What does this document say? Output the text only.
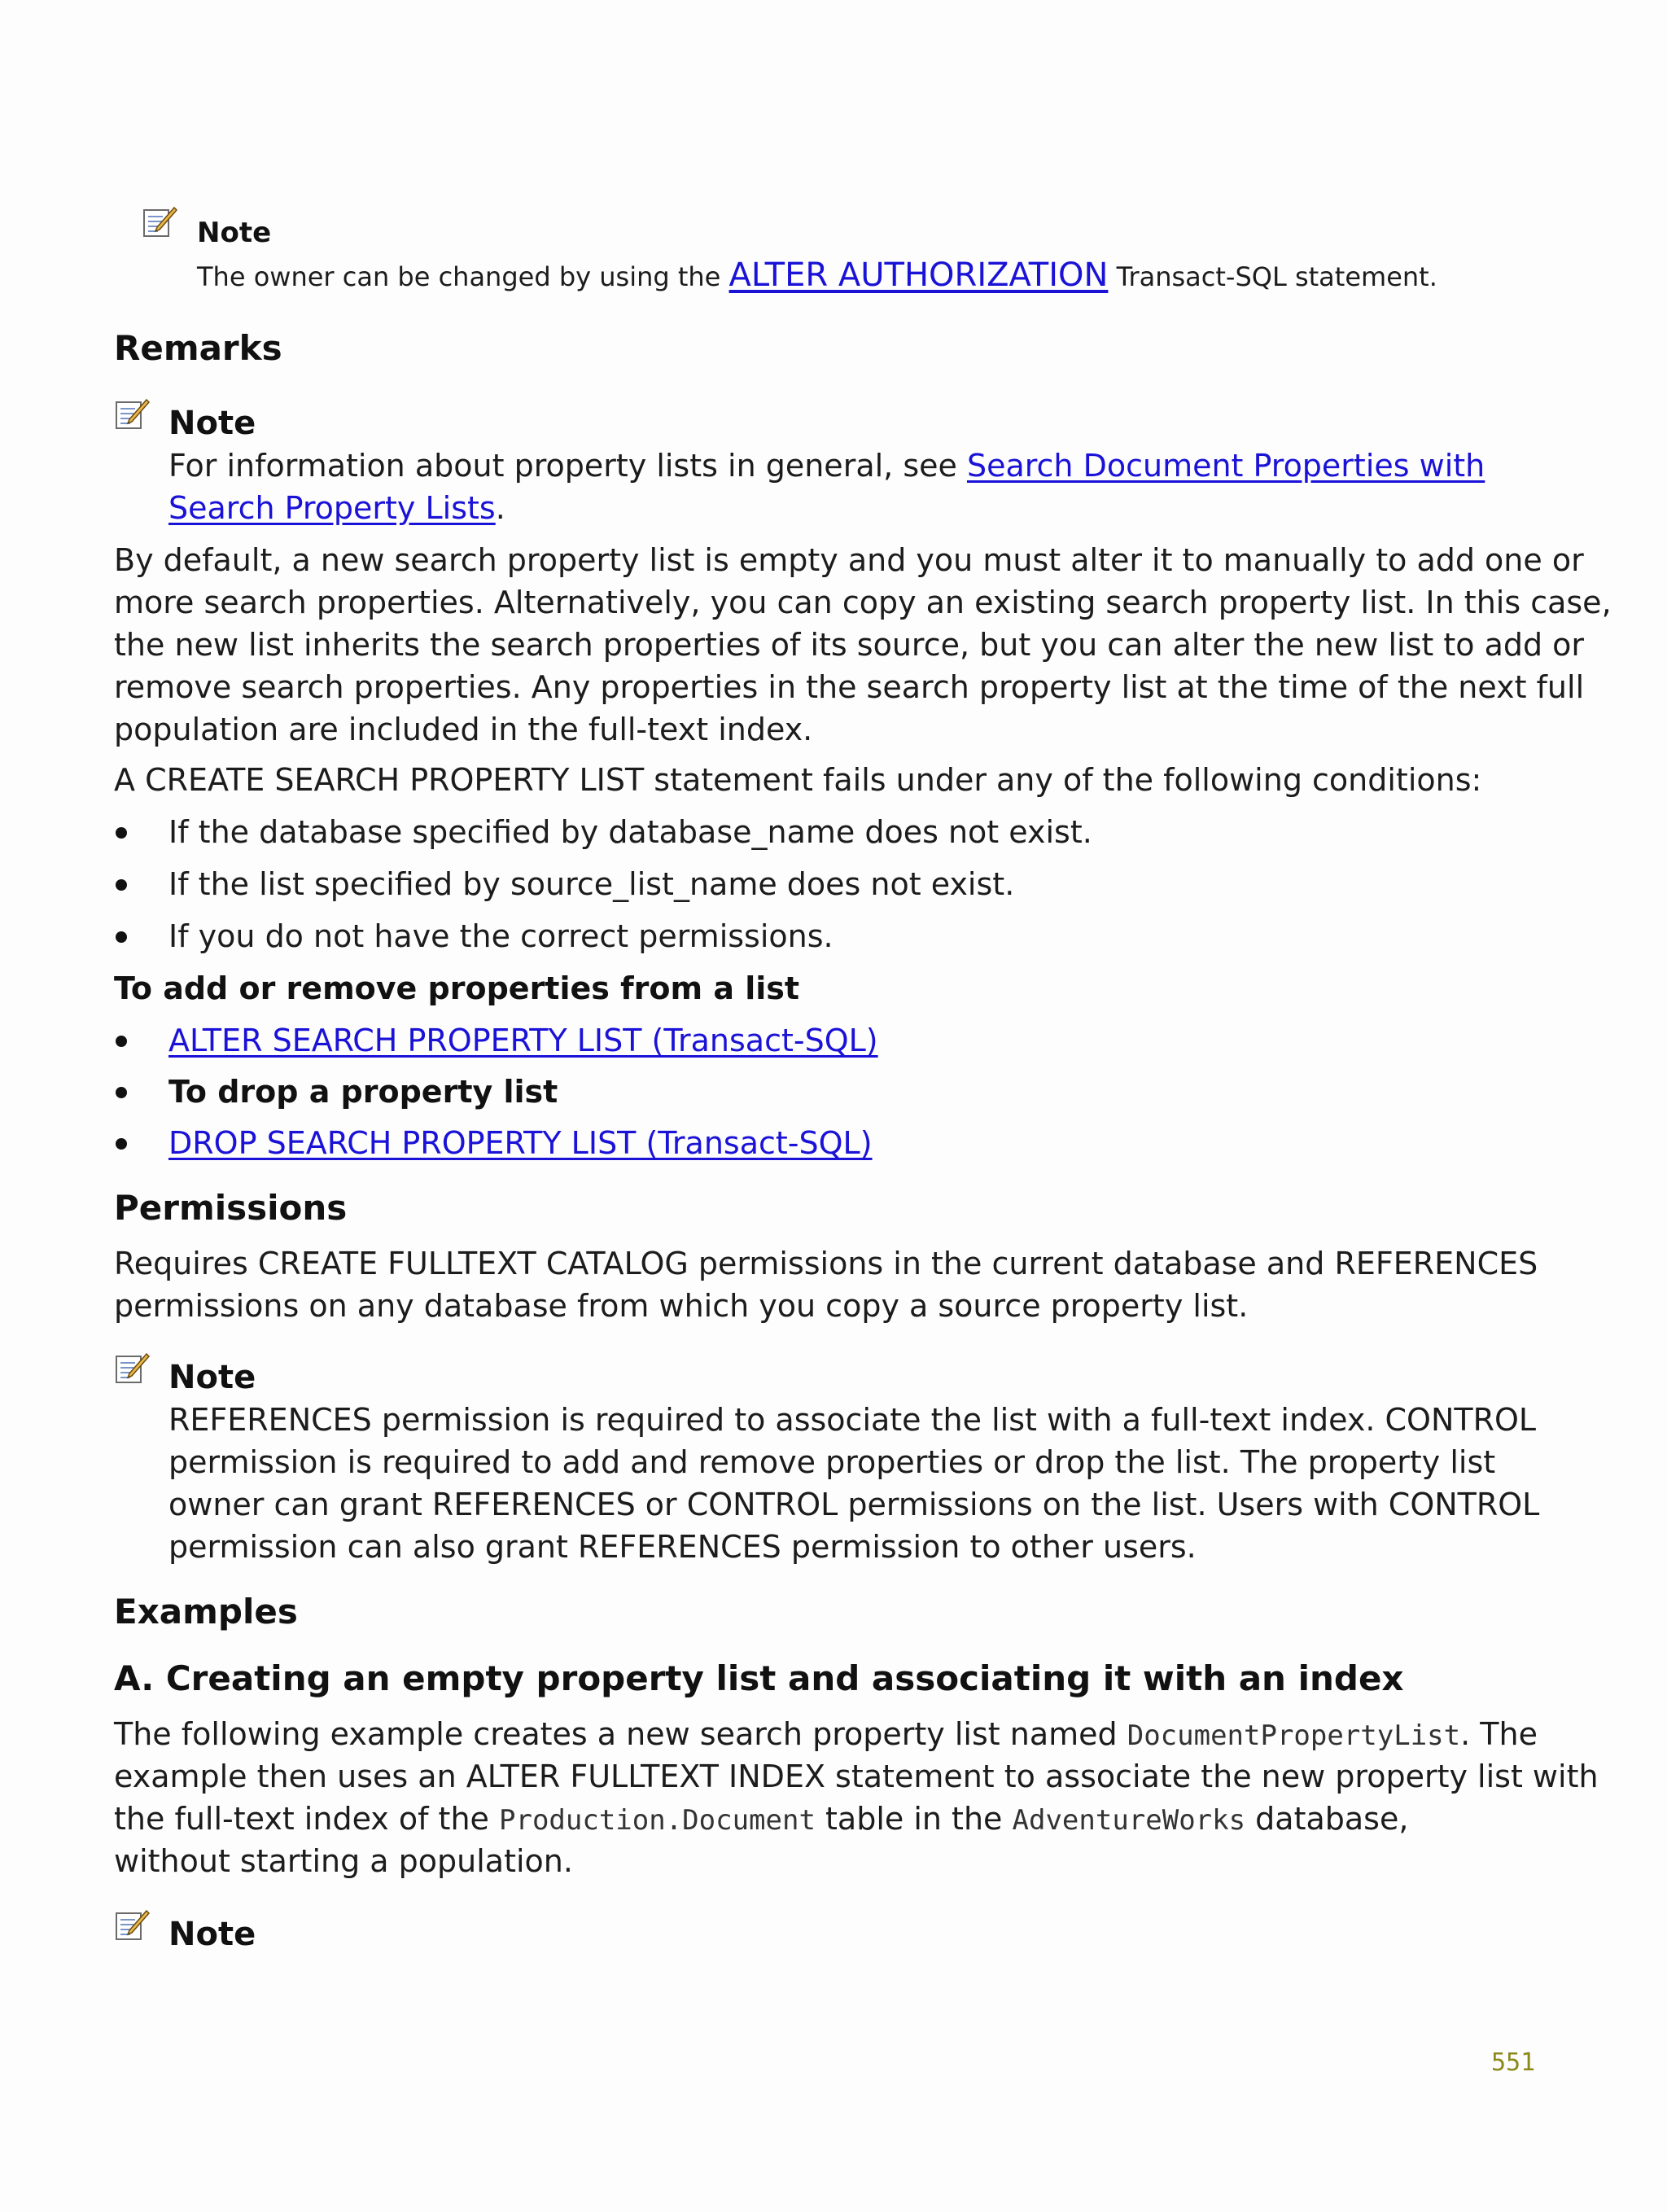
Note
The owner can be changed by using the ALTER AUTHORIZATION Transact-SQL statement.
Remarks
Note
For information about property lists in general, see Search Document Properties with
Search Property Lists.
By default, a new search property list is empty and you must alter it to manually to add one or
more search properties. Alternatively, you can copy an existing search property list. In this case,
the new list inherits the search properties of its source, but you can alter the new list to add or
remove search properties. Any properties in the search property list at the time of the next full
population are included in the full-text index.
A CREATE SEARCH PROPERTY LIST statement fails under any of the following conditions:
If the database specified by database_name does not exist.
If the list specified by source_list_name does not exist.
If you do not have the correct permissions.
To add or remove properties from a list
ALTER SEARCH PROPERTY LIST (Transact-SQL)
To drop a property list
DROP SEARCH PROPERTY LIST (Transact-SQL)
Permissions
Requires CREATE FULLTEXT CATALOG permissions in the current database and REFERENCES
permissions on any database from which you copy a source property list.
Note
REFERENCES permission is required to associate the list with a full-text index. CONTROL
permission is required to add and remove properties or drop the list. The property list
owner can grant REFERENCES or CONTROL permissions on the list. Users with CONTROL
permission can also grant REFERENCES permission to other users.
Examples
A. Creating an empty property list and associating it with an index
The following example creates a new search property list named DocumentPropertyList. The
example then uses an ALTER FULLTEXT INDEX statement to associate the new property list with
the full-text index of the Production.Document table in the AdventureWorks database,
without starting a population.
Note
551
